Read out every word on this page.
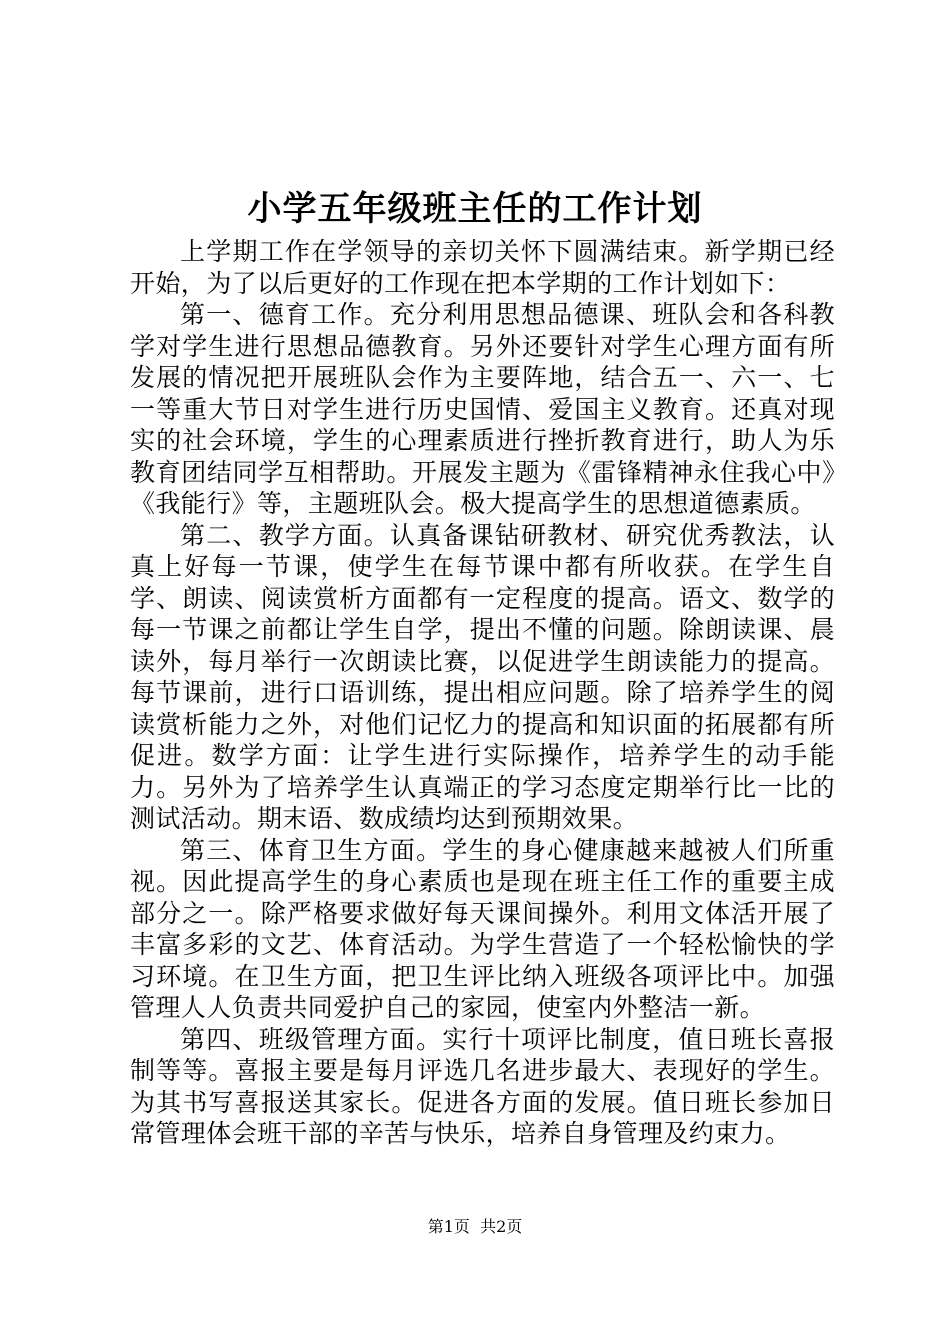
小学五年级班主任的工作计划

上学期工作在学领导的亲切关怀下圆满结束。新学期已经开始，为了以后更好的工作现在把本学期的工作计划如下：

第一、德育工作。充分利用思想品德课、班队会和各科教学对学生进行思想品德教育。另外还要针对学生心理方面有所发展的情况把开展班队会作为主要阵地，结合五一、六一、七一等重大节日对学生进行历史国情、爱国主义教育。还真对现实的社会环境，学生的心理素质进行挫折教育进行，助人为乐教育团结同学互相帮助。开展发主题为《雷锋精神永住我心中》《我能行》等，主题班队会。极大提高学生的思想道德素质。

第二、教学方面。认真备课钻研教材、研究优秀教法，认真上好每一节课，使学生在每节课中都有所收获。在学生自学、朗读、阅读赏析方面都有一定程度的提高。语文、数学的每一节课之前都让学生自学，提出不懂的问题。除朗读课、晨读外，每月举行一次朗读比赛，以促进学生朗读能力的提高。每节课前，进行口语训练，提出相应问题。除了培养学生的阅读赏析能力之外，对他们记忆力的提高和知识面的拓展都有所促进。数学方面：让学生进行实际操作，培养学生的动手能力。另外为了培养学生认真端正的学习态度定期举行比一比的测试活动。期末语、数成绩均达到预期效果。

第三、体育卫生方面。学生的身心健康越来越被人们所重视。因此提高学生的身心素质也是现在班主任工作的重要主成部分之一。除严格要求做好每天课间操外。利用文体活开展了丰富多彩的文艺、体育活动。为学生营造了一个轻松愉快的学习环境。在卫生方面，把卫生评比纳入班级各项评比中。加强管理人人负责共同爱护自己的家园，使室内外整洁一新。

第四、班级管理方面。实行十项评比制度，值日班长喜报制等等。喜报主要是每月评选几名进步最大、表现好的学生。为其书写喜报送其家长。促进各方面的发展。值日班长参加日常管理体会班干部的辛苦与快乐，培养自身管理及约束力。

第1页 共2页
